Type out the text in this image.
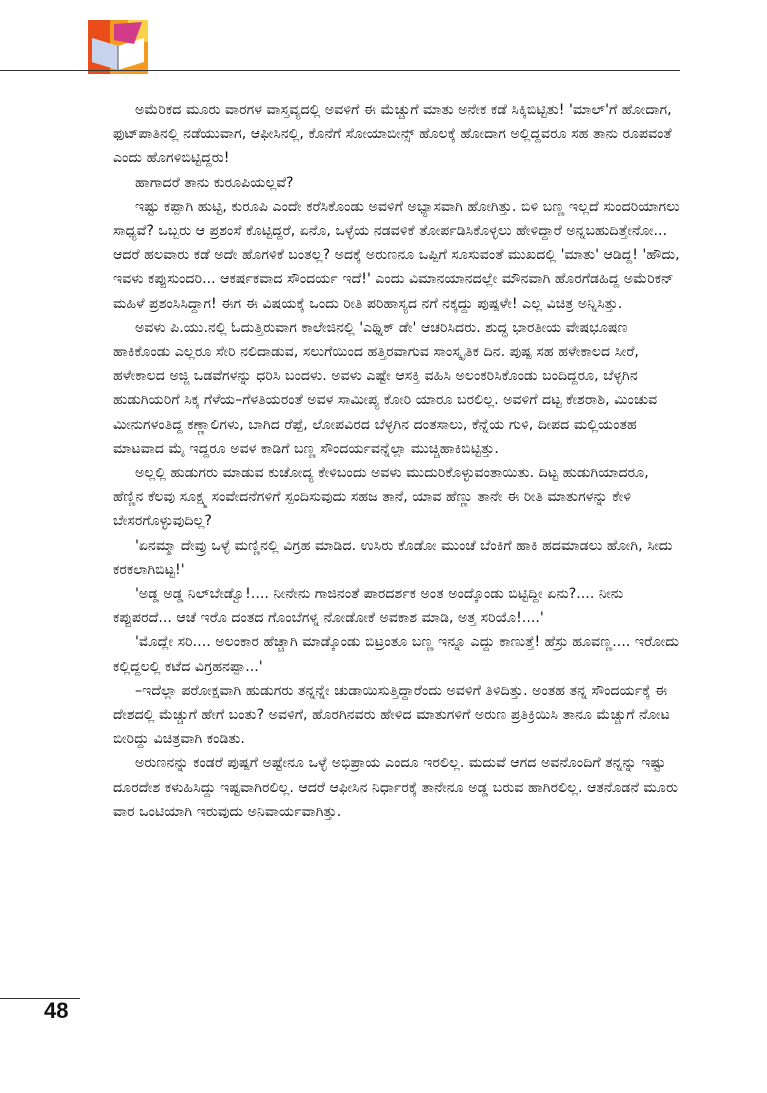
ಅಮೆರಿಕದ ಮೂರು ವಾರಗಳ ವಾಸ್ತವ್ಯದಲ್ಲಿ ಅವಳಿಗೆ ಈ ಮೆಚ್ಚುಗೆ ಮಾತು ಅನೇಕ ಕಡೆ ಸಿಕ್ಕಿಬಿಟ್ಟಿತು! 'ಮಾಲ್'ಗೆ ಹೋದಾಗ, ಫುಟ್‌ಪಾತಿನಲ್ಲಿ ನಡೆಯುವಾಗ, ಆಫೀಸಿನಲ್ಲಿ, ಕೊನೆಗೆ ಸೋಯಾಬೀನ್ಸ್ ಹೊಲಕ್ಕೆ ಹೋದಾಗ ಅಲ್ಲಿದ್ದವರೂ ಸಹ ತಾನು ರೂಪವಂತೆ ಎಂದು ಹೊಗಳಿಬಿಟ್ಟಿದ್ದರು!

ಹಾಗಾದರೆ ತಾನು ಕುರೂಪಿಯಲ್ಲವೆ?

ಇಷ್ಟು ಕಪ್ಪಾಗಿ ಹುಟ್ಟಿ, ಕುರೂಪಿ ಎಂದೇ ಕರೆಸಿಕೊಂಡು ಅವಳಿಗೆ ಅಭ್ಯಾಸವಾಗಿ ಹೋಗಿತ್ತು. ಬಿಳಿ ಬಣ್ಣ ಇಲ್ಲದೆ ಸುಂದರಿಯಾಗಲು ಸಾಧ್ಯವೆ? ಒಬ್ಬರು ಆ ಪ್ರಶಂಸೆ ಕೊಟ್ಟಿದ್ದರೆ, ಏನೊ, ಒಳ್ಳೆಯ ನಡವಳಿಕೆ ತೋರ್ಪಡಿಸಿಕೊಳ್ಳಲು ಹೇಳಿದ್ದಾರೆ ಅನ್ನಬಹುದಿತ್ತೇನೋ... ಆದರೆ ಹಲವಾರು ಕಡೆ ಅದೇ ಹೊಗಳಿಕೆ ಬಂತಲ್ಲ? ಅದಕ್ಕೆ ಅರುಣನೂ ಒಪ್ಪಿಗೆ ಸೂಸುವಂತೆ ಮುಖದಲ್ಲಿ 'ಮಾತು' ಆಡಿದ್ದ! 'ಹೌದು, ಇವಳು ಕಪ್ಪುಸುಂದರಿ... ಆಕರ್ಷಕವಾದ ಸೌಂದರ್ಯ ಇದೆ!' ಎಂದು ವಿಮಾನಯಾನದಲ್ಲೇ ಮೌನವಾಗಿ ಹೊರಗೆಡಹಿದ್ದ ಅಮೆರಿಕನ್ ಮಹಿಳೆ ಪ್ರಶಂಸಿಸಿದ್ದಾಗ! ಈಗ ಈ ವಿಷಯಕ್ಕೆ ಒಂದು ರೀತಿ ಪರಿಹಾಸ್ಯದ ನಗೆ ನಕ್ಕದ್ದು ಪುಷ್ಪಳೇ! ಎಲ್ಲ ವಿಚಿತ್ರ ಅನ್ನಿಸಿತ್ತು.

ಅವಳು ಪಿ.ಯು.ನಲ್ಲಿ ಓದುತ್ತಿರುವಾಗ ಕಾಲೇಜಿನಲ್ಲಿ 'ಎಥ್ನಿಕ್ ಡೇ' ಆಚರಿಸಿದರು. ಶುದ್ಧ ಭಾರತೀಯ ವೇಷಭೂಷಣ ಹಾಕಿಕೊಂಡು ಎಲ್ಲರೂ ಸೇರಿ ನಲಿದಾಡುವ, ಸಲುಗೆಯಿಂದ ಹತ್ತಿರವಾಗುವ ಸಾಂಸ್ಕೃತಿಕ ದಿನ. ಪುಷ್ಪ ಸಹ ಹಳೇಕಾಲದ ಸೀರೆ, ಹಳೇಕಾಲದ ಅಜ್ಜಿ ಒಡವೆಗಳನ್ನು ಧರಿಸಿ ಬಂದಳು. ಅವಳು ಎಷ್ಟೇ ಆಸಕ್ತಿ ವಹಿಸಿ ಅಲಂಕರಿಸಿಕೊಂಡು ಬಂದಿದ್ದರೂ, ಬೆಳ್ಳಗಿನ ಹುಡುಗಿಯರಿಗೆ ಸಿಕ್ಕ ಗೆಳೆಯ–ಗೆಳತಿಯರಂತೆ ಅವಳ ಸಾಮೀಪ್ಯ ಕೋರಿ ಯಾರೂ ಬರಲಿಲ್ಲ. ಅವಳಿಗೆ ದಟ್ಟ ಕೇಶರಾಶಿ, ಮಿಂಚುವ ಮೀನುಗಳಂತಿದ್ದ ಕಣ್ಣಾಲಿಗಳು, ಬಾಗಿದ ರೆಪ್ಪೆ, ಲೋಪವಿರದ ಬೆಳ್ಳಗಿನ ದಂತಸಾಲು, ಕೆನ್ನೆಯ ಗುಳಿ, ದೀಪದ ಮಲ್ಲಿಯಂತಹ ಮಾಟವಾದ ಮೈ ಇದ್ದರೂ ಅವಳ ಕಾಡಿಗೆ ಬಣ್ಣ ಸೌಂದರ್ಯವನ್ನೆಲ್ಲಾ ಮುಚ್ಚಿಹಾಕಿಬಿಟ್ಟಿತ್ತು.

ಅಲ್ಲಲ್ಲಿ ಹುಡುಗರು ಮಾಡುವ ಕುಚೋದ್ಯ ಕೇಳಿಬಂದು ಅವಳು ಮುದುರಿಕೊಳ್ಳುವಂತಾಯಿತು. ದಿಟ್ಟ ಹುಡುಗಿಯಾದರೂ, ಹೆಣ್ಣಿನ ಕೆಲವು ಸೂಕ್ಷ್ಮ ಸಂವೇದನೆಗಳಿಗೆ ಸ್ಪಂದಿಸುವುದು ಸಹಜ ತಾನೆ, ಯಾವ ಹೆಣ್ಣು ತಾನೇ ಈ ರೀತಿ ಮಾತುಗಳನ್ನು ಕೇಳಿ ಬೇಸರಗೊಳ್ಳುವುದಿಲ್ಲ?

'ಏನಮ್ಮಾ ದೇವ್ರು ಒಳ್ಳೆ ಮಣ್ಣಿನಲ್ಲಿ ವಿಗ್ರಹ ಮಾಡಿದ. ಉಸಿರು ಕೊಡೋ ಮುಂಚೆ ಬೆಂಕಿಗೆ ಹಾಕಿ ಹದಮಾಡಲು ಹೋಗಿ, ಸೀದು ಕರಕಲಾಗಿಬಿಟ್ಟ!'

'ಅಡ್ಡ ಅಡ್ಡ ನಿಲ್‌ಬೇಡ್ವೊ!.... ನೀನೇನು ಗಾಜಿನಂತೆ ಪಾರದರ್ಶಕ ಅಂತ ಅಂದ್ಕೊಂಡು ಬಿಟ್ಟಿದ್ದೀ ಏನು?.... ನೀನು ಕಪ್ಪುಪರದೆ... ಆಚೆ ಇರೊ ದಂತದ ಗೊಂಬೆಗಳ್ನ ನೋಡೋಕೆ ಅವಕಾಶ ಮಾಡಿ, ಅತ್ತ ಸರಿಯೊ!....'

'ಮೊದ್ಲೇ ಸರಿ.... ಅಲಂಕಾರ ಹೆಚ್ಚಾಗಿ ಮಾಡ್ಕೊಂಡು ಬಿಟ್ರಂತೂ ಬಣ್ಣ ಇನ್ನೂ ಎದ್ದು ಕಾಣುತ್ತೆ! ಹೆಸ್ರು ಹೂವಣ್ಣ.... ಇರೋದು ಕಲ್ಲಿದ್ದಲಲ್ಲಿ ಕಟೆದ ವಿಗ್ರಹನಪ್ಪಾ...'

–ಇದೆಲ್ಲಾ ಪರೋಕ್ಷವಾಗಿ ಹುಡುಗರು ತನ್ನನ್ನೇ ಚುಡಾಯಿಸುತ್ತಿದ್ದಾರೆಂದು ಅವಳಿಗೆ ತಿಳಿದಿತ್ತು. ಅಂತಹ ತನ್ನ ಸೌಂದರ್ಯಕ್ಕೆ ಈ ದೇಶದಲ್ಲಿ ಮೆಚ್ಚುಗೆ ಹೇಗೆ ಬಂತು? ಅವಳಿಗೆ, ಹೊರಗಿನವರು ಹೇಳಿದ ಮಾತುಗಳಿಗೆ ಅರುಣ ಪ್ರತಿಕ್ರಿಯಿಸಿ ತಾನೂ ಮೆಚ್ಚುಗೆ ನೋಟ ಬೀರಿದ್ದು ವಿಚಿತ್ರವಾಗಿ ಕಂಡಿತು.

ಅರುಣನನ್ನು ಕಂಡರೆ ಪುಷ್ಪಗೆ ಅಷ್ಟೇನೂ ಒಳ್ಳೆ ಅಭಿಪ್ರಾಯ ಎಂದೂ ಇರಲಿಲ್ಲ. ಮದುವೆ ಆಗದ ಅವನೊಂದಿಗೆ ತನ್ನನ್ನು ಇಷ್ಟು ದೂರದೇಶ ಕಳುಹಿಸಿದ್ದು ಇಷ್ಟವಾಗಿರಲಿಲ್ಲ. ಆದರೆ ಆಫೀಸಿನ ನಿರ್ಧಾರಕ್ಕೆ ತಾನೇನೂ ಅಡ್ಡ ಬರುವ ಹಾಗಿರಲಿಲ್ಲ. ಆತನೊಡನೆ ಮೂರು ವಾರ ಒಂಟಿಯಾಗಿ ಇರುವುದು ಅನಿವಾರ್ಯವಾಗಿತ್ತು.

48
